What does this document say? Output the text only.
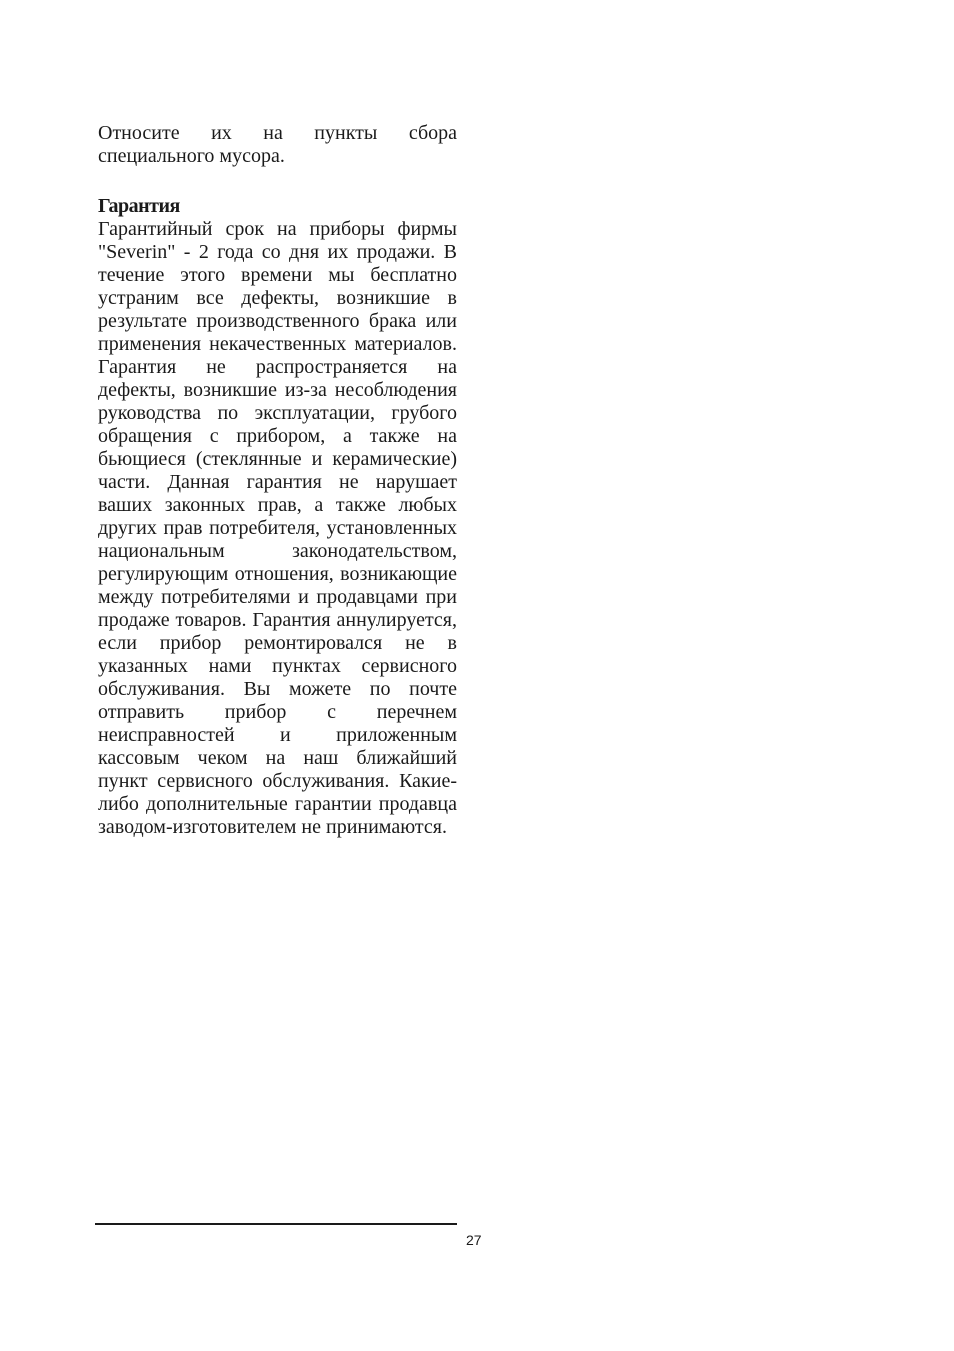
Относите их на пункты сбора специального мусора.

Гарантия

Гарантийный срок на приборы фирмы "Severin" - 2 года со дня их продажи. В течение этого времени мы бесплатно устраним все дефекты, возникшие в результате производственного брака или применения некачественных материалов. Гарантия не распространяется на дефекты, возникшие из-за несоблюдения руководства по эксплуатации, грубого обращения с прибором, а также на бьющиеся (стеклянные и керамические) части. Данная гарантия не нарушает ваших законных прав, а также любых других прав потребителя, установленных национальным законодательством, регулирующим отношения, возникающие между потребителями и продавцами при продаже товаров. Гарантия аннулируется, если прибор ремонтировался не в указанных нами пунктах сервисного обслуживания. Вы можете по почте отправить прибор с перечнем неисправностей и приложенным кассовым чеком на наш ближайший пункт сервисного обслуживания. Какие-либо дополнительные гарантии продавца заводом-изготовителем не принимаются.

27
